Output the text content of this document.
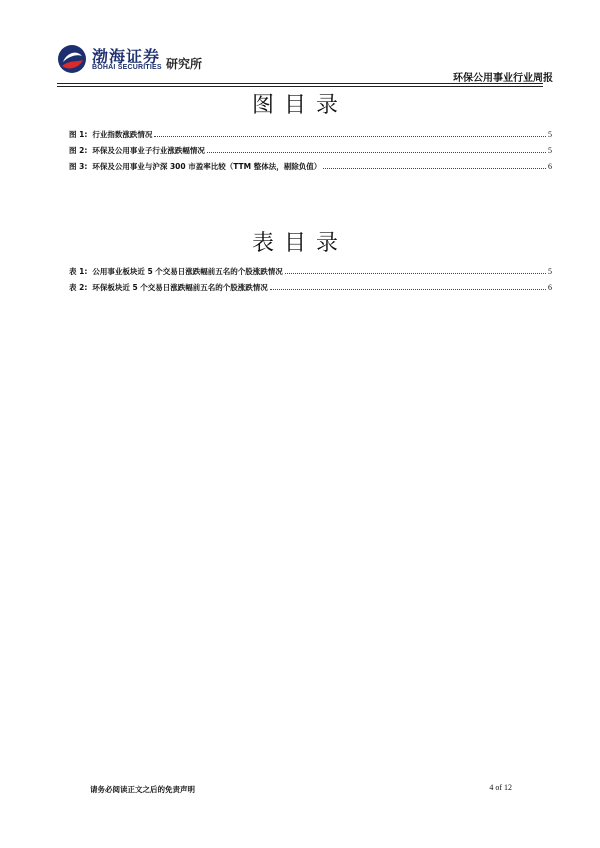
渤海证券
BOHAI SECURITIES 研究所
环保公用事业行业周报
图目录
图 1: 行业指数涨跌情况	5
图 2: 环保及公用事业子行业涨跌幅情况	5
图 3: 环保及公用事业与沪深 300 市盈率比较（TTM 整体法，剔除负值）	6
表目录
表 1: 公用事业板块近 5 个交易日涨跌幅前五名的个股涨跌情况	5
表 2: 环保板块近 5 个交易日涨跌幅前五名的个股涨跌情况	6
请务必阅读正文之后的免责声明	4 of 12
